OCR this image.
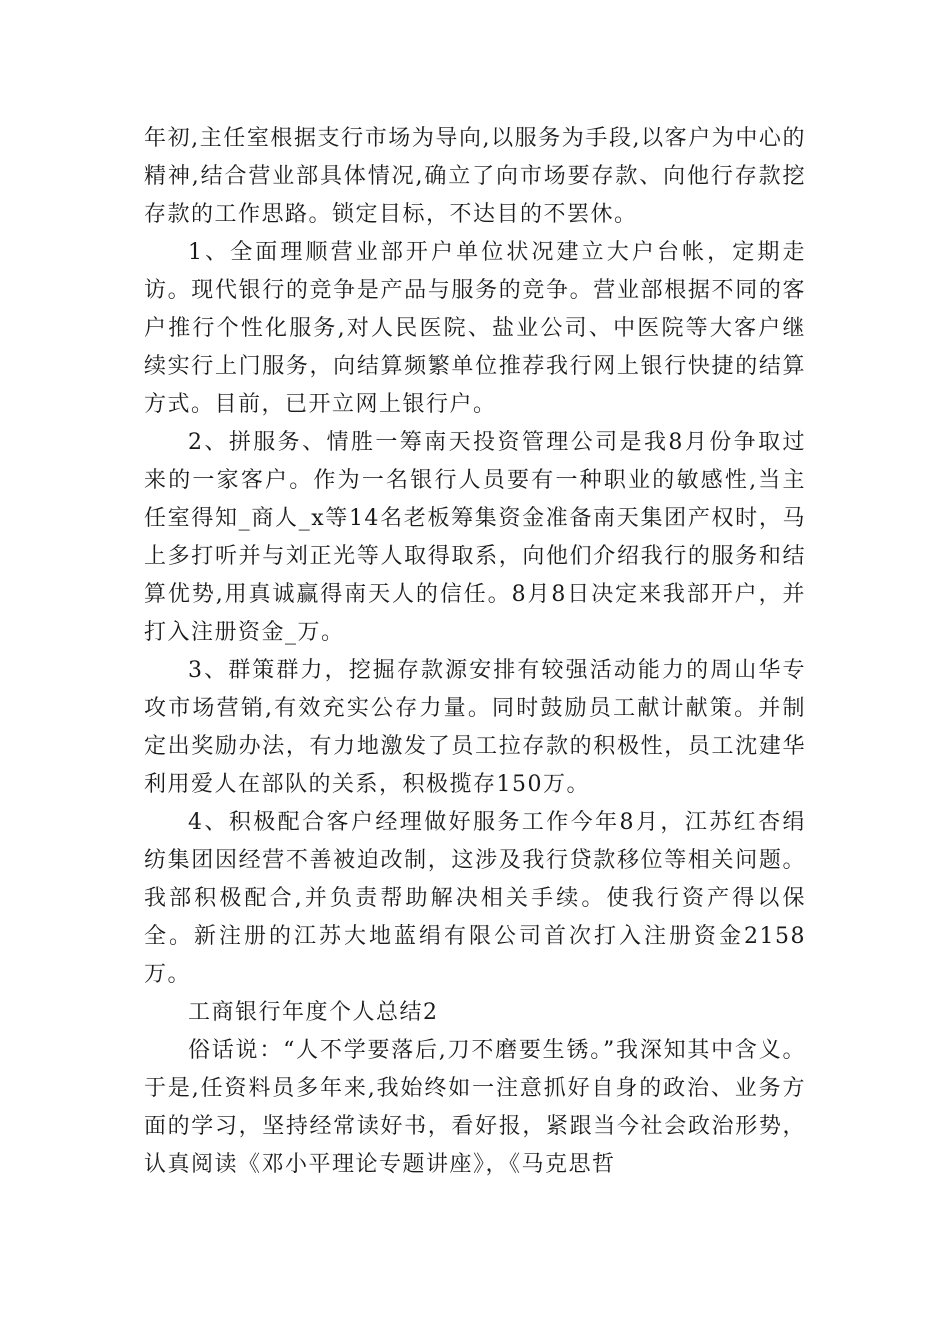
年初,主任室根据支行市场为导向,以服务为手段,以客户为中心的精神,结合营业部具体情况,确立了向市场要存款、向他行存款挖存款的工作思路。锁定目标，不达目的不罢休。

1、全面理顺营业部开户单位状况建立大户台帐，定期走访。现代银行的竞争是产品与服务的竞争。营业部根据不同的客户推行个性化服务,对人民医院、盐业公司、中医院等大客户继续实行上门服务，向结算频繁单位推荐我行网上银行快捷的结算方式。目前，已开立网上银行户。

2、拼服务、情胜一筹南天投资管理公司是我8月份争取过来的一家客户。作为一名银行人员要有一种职业的敏感性,当主任室得知_商人_x等14名老板筹集资金准备南天集团产权时，马上多打听并与刘正光等人取得取系，向他们介绍我行的服务和结算优势,用真诚赢得南天人的信任。8月8日决定来我部开户，并打入注册资金_万。

3、群策群力，挖掘存款源安排有较强活动能力的周山华专攻市场营销,有效充实公存力量。同时鼓励员工献计献策。并制定出奖励办法，有力地激发了员工拉存款的积极性，员工沈建华利用爱人在部队的关系，积极揽存150万。

4、积极配合客户经理做好服务工作今年8月，江苏红杏绢纺集团因经营不善被迫改制，这涉及我行贷款移位等相关问题。我部积极配合,并负责帮助解决相关手续。使我行资产得以保全。新注册的江苏大地蓝绢有限公司首次打入注册资金2158万。

工商银行年度个人总结2

俗话说：“人不学要落后,刀不磨要生锈。”我深知其中含义。于是,任资料员多年来,我始终如一注意抓好自身的政治、业务方面的学习，坚持经常读好书，看好报，紧跟当今社会政治形势，认真阅读《邓小平理论专题讲座》，《马克思哲
